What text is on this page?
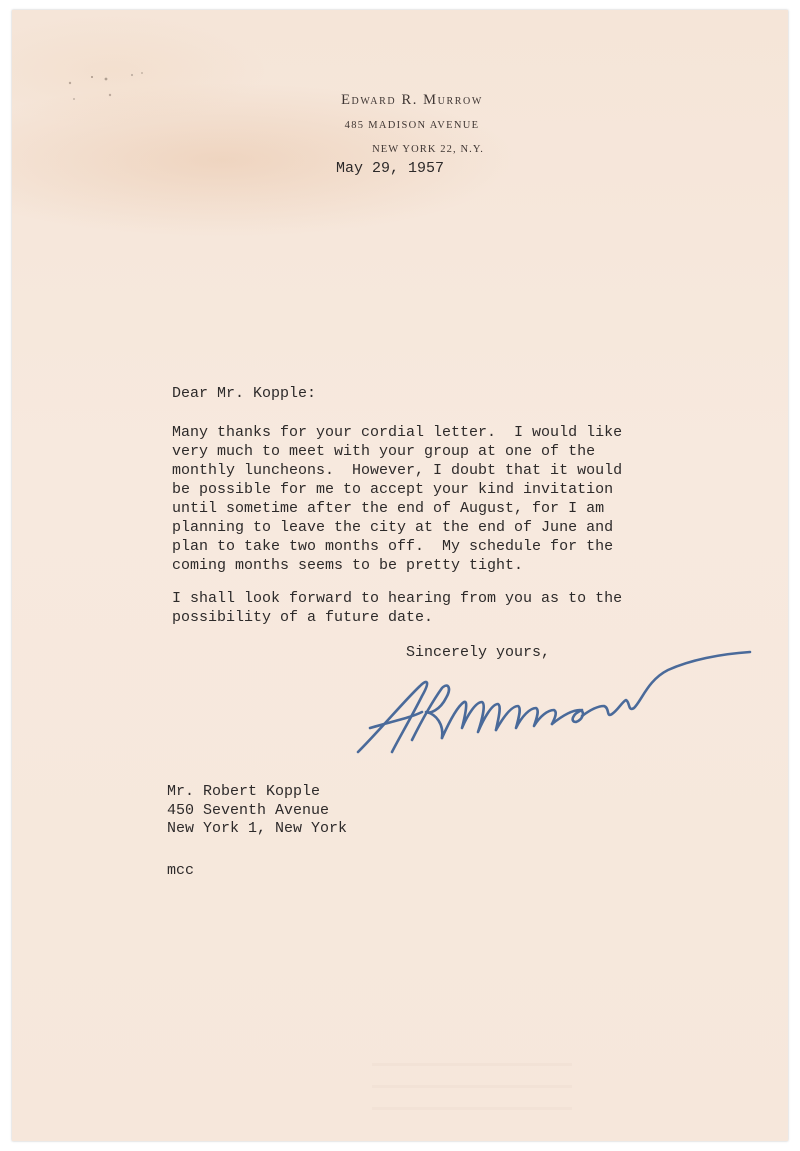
Edward R. Murrow
485 MADISON AVENUE
NEW YORK 22, N.Y.
May 29, 1957
Dear Mr. Kopple:
Many thanks for your cordial letter.  I would like
very much to meet with your group at one of the
monthly luncheons.  However, I doubt that it would
be possible for me to accept your kind invitation
until sometime after the end of August, for I am
planning to leave the city at the end of June and
plan to take two months off.  My schedule for the
coming months seems to be pretty tight.
I shall look forward to hearing from you as to the
possibility of a future date.
Sincerely yours,
Mr. Robert Kopple
450 Seventh Avenue
New York 1, New York
mcc
